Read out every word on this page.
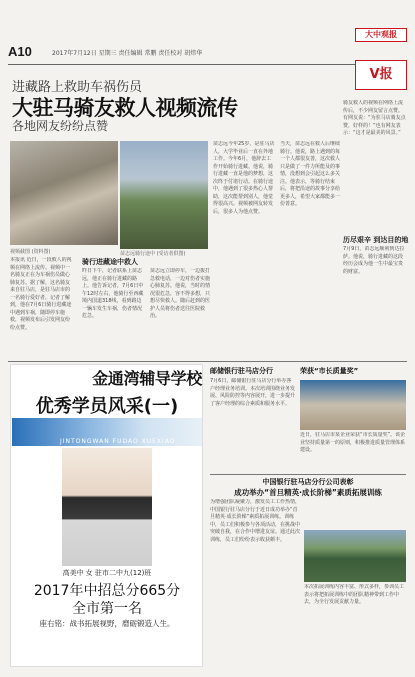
A10	2017年7月12日 星期三 责任编辑 常鹏 责任校对 胡炜华
大中观报
V报
进藏路上救助车祸伤员
大驻马骑友救人视频流传
各地网友纷纷点赞
视频截图 (资料图)	苗志远骑行途中 (受访者供图)
本报讯 近日，一段救人的视频在网络上流传。视频中一名骑友正在为车祸伤员做心肺复苏。据了解，这名骑友来自驻马店，是驻马店市的一名骑行爱好者。记者了解到，他在7月6日骑行进藏途中遇到车祸，随即停车施救，视频发布后引发网友纷纷点赞。
骑行进藏途中救人
昨日下午，记者联系上苗志远，他正在骑行进藏的路上。他告诉记者，7月6日中午12时左右，他骑行至西藏境内国道318线，看到路边一辆车发生车祸，伤者情况危急。
苗志远立即停车，一边拨打急救电话，一边对伤者实施心肺复苏。他说，当时的情况很危急，容不得多想，只想尽快救人。随后赶到的医护人员将伤者送往医院救治。
苗志远今年25岁，是驻马店人，大学毕业后一直在外地工作。今年6月，他辞去工作开始骑行进藏。他说，骑行进藏一直是他的梦想，这次终于付诸行动。在骑行途中，他遇到了很多热心人帮助，这次能帮到别人，他觉得很高兴。视频被网友转发后，很多人为他点赞。
当天，苗志远在救人后继续骑行。他说，路上遇到的每一个人都很友善，这次救人只是做了一件力所能及的事情，没想到会引起这么多关注。他表示，等骑行结束后，将把沿途的故事分享给更多人，希望大家都能多一份善意。
骑友救人的视频在网络上流传后，不少网友留言点赞。有网友说：“为驻马店骑友点赞，好样的！”也有网友表示：“这才是最美的风景。”
历尽艰辛 到达目的地
7月9日，苗志远顺利到达拉萨。他说，骑行进藏的这段经历会成为他一生中最宝贵的财富。
金通湾辅导学校
优秀学员风采(一)
JINTONGWAN FUDAO XUEXIAO
高美中 女 驻市二中九(12)班
2017年中招总分665分
全市第一名
座右铭：战书拓展视野，磨砺锻造人生。
邮储银行驻马店分行
7月6日，邮储银行驻马店分行举办客户经理业务培训。本次培训围绕业务发展、风险防控等内容展开，进一步提升了客户经理的综合素质和服务水平。
荣获“市长质量奖”
近日，驻马店市某企业荣获“市长质量奖”。该企业坚持质量第一的原则，积极推进质量管理体系建设。
中国银行驻马店分行公司表彰
成功举办“首旦精英·成长阶梯”素质拓展训练
为增强团队凝聚力，激发员工工作热情，中国银行驻马店分行于近日成功举办“首旦精英·成长阶梯”素质拓展训练。训练中，员工们积极参与各项活动，在挑战中突破自我，在合作中增进友谊。通过此次训练，员工们纷纷表示收获颇丰。
本次拓展训练内容丰富、形式多样，参训员工表示将把拓展训练中的团队精神带到工作中去，为全行发展贡献力量。
